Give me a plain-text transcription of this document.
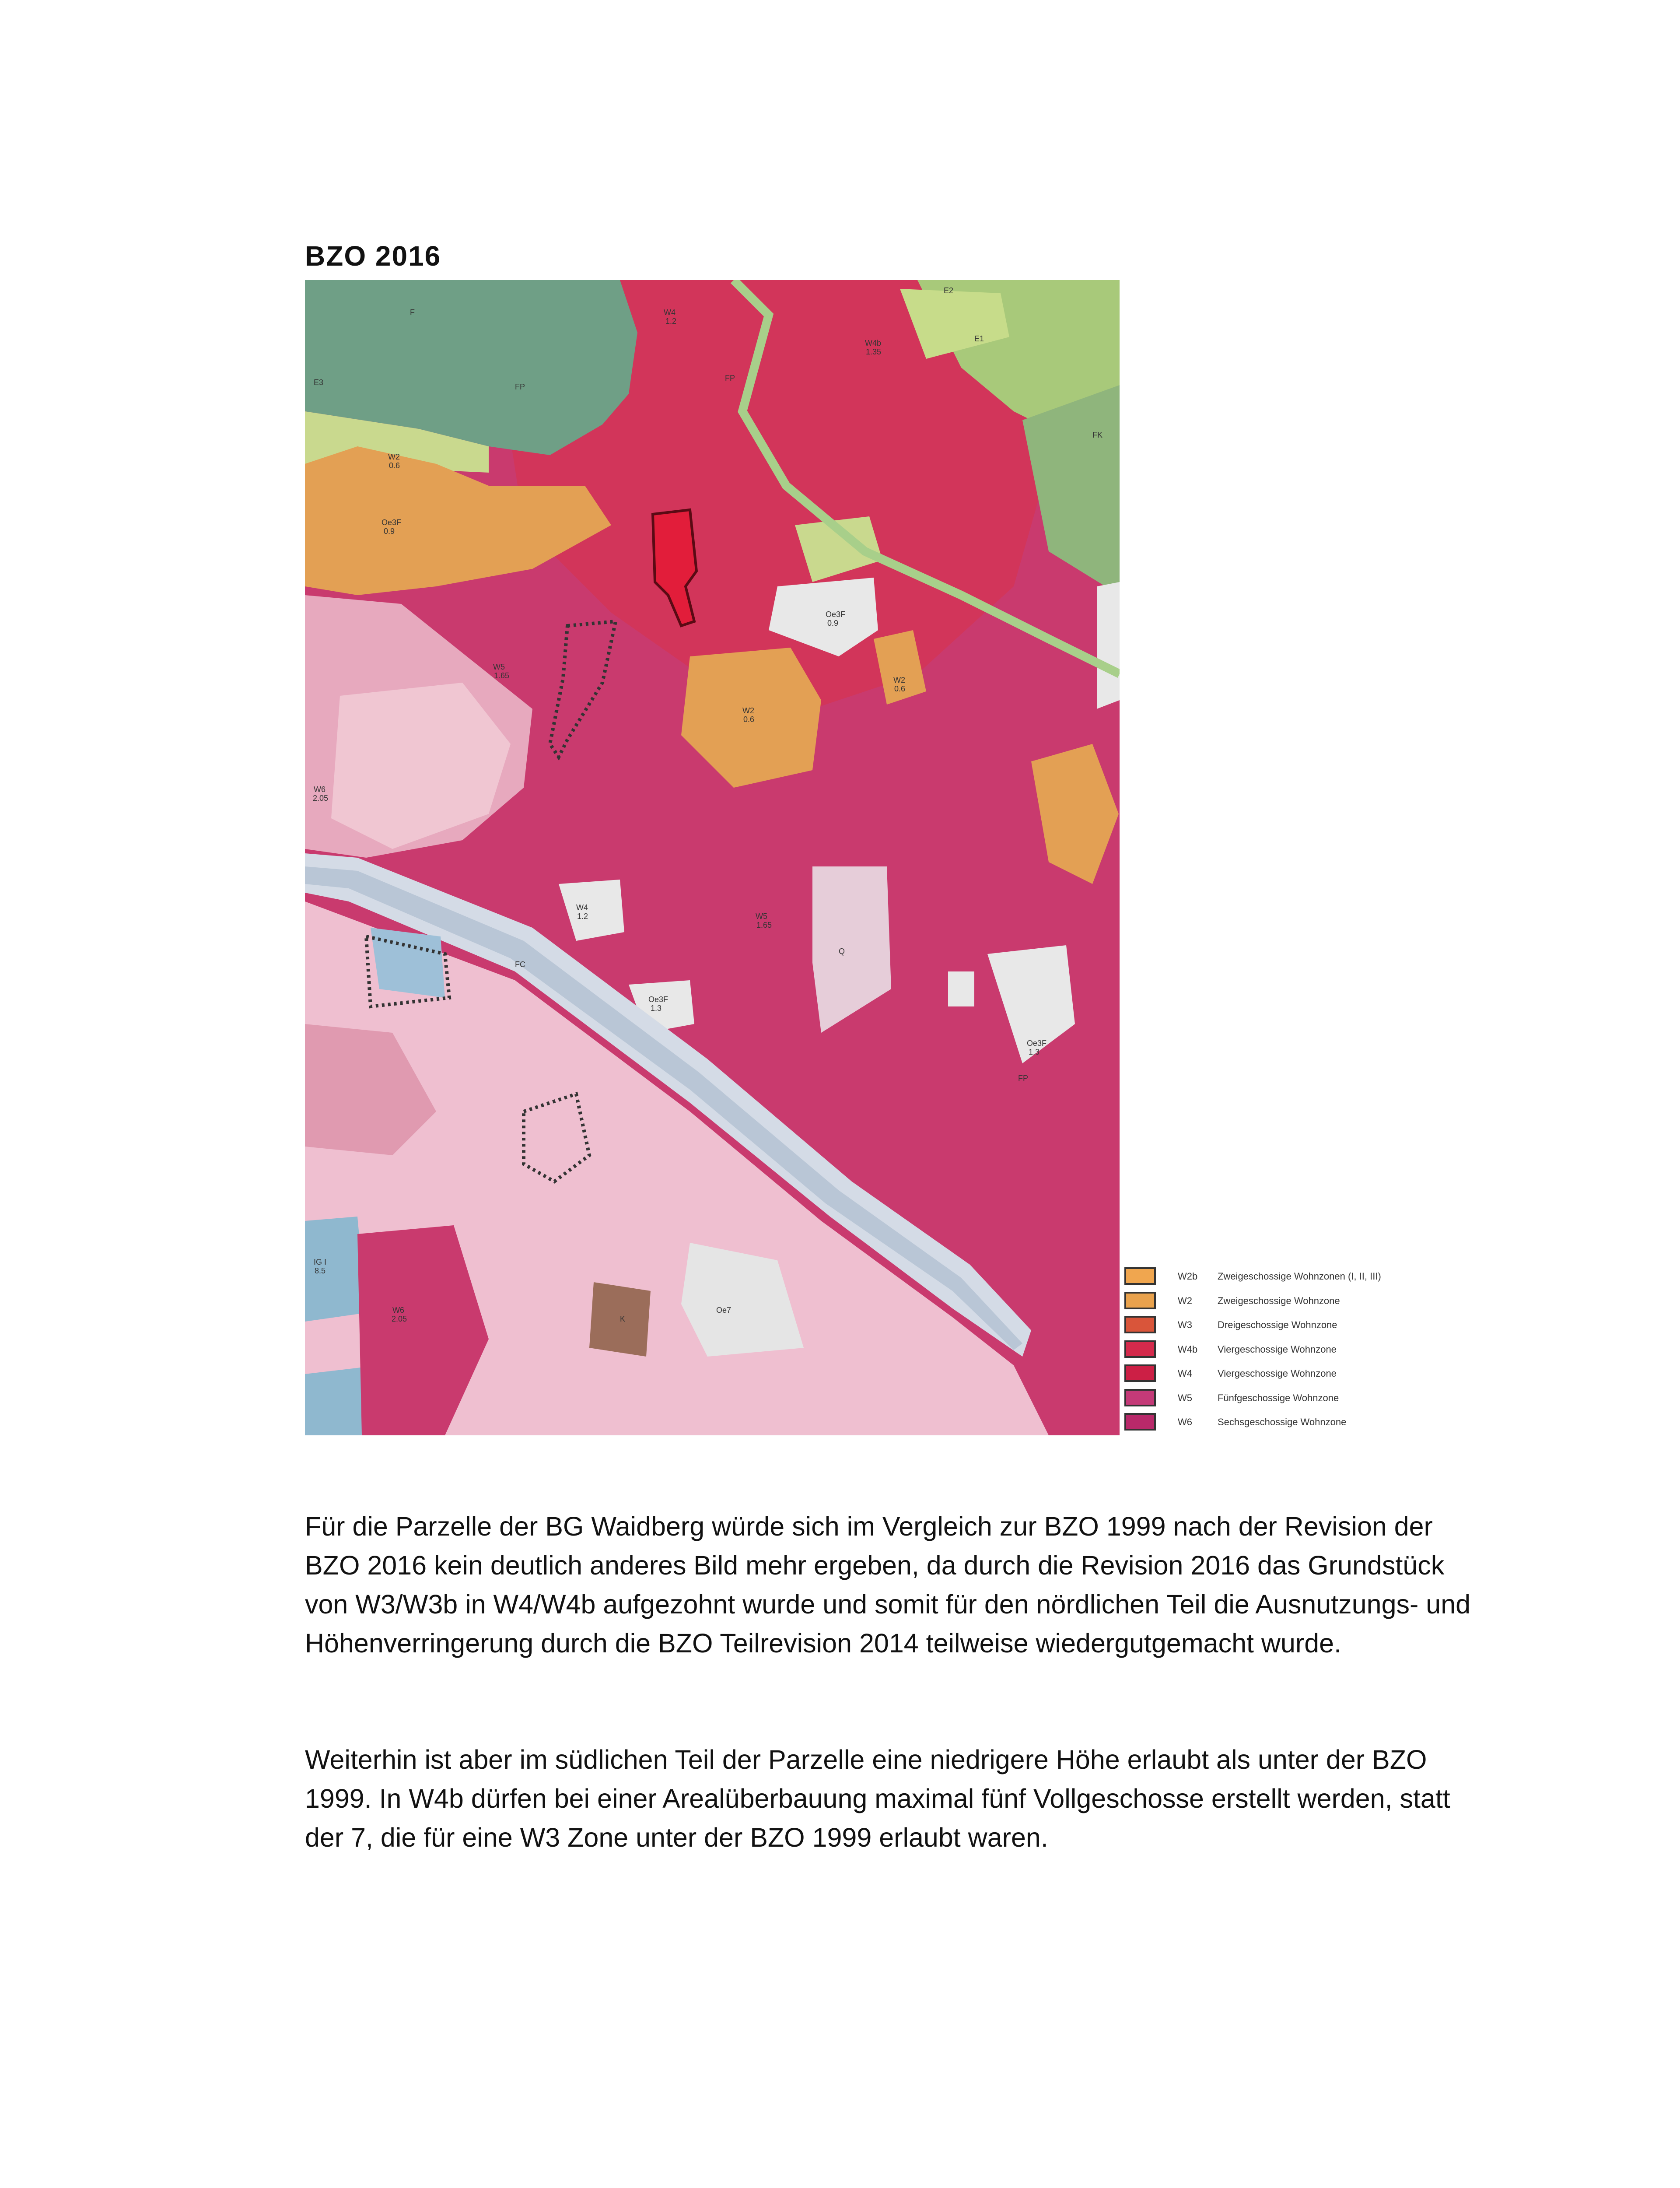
BZO 2016
W4
1.2
W4b
1.35
W2
0.6
Oe3F
0.9
W5
1.65
W6
2.05
W2
0.6
W2
0.6
Oe3F
0.9
W4
1.2	W5
1.65
Oe3F
1.3
Oe3F
1.3
W6
2.05
IG I
8.5
FP
FP
FP
FK
F
E1
E2
E3
Oe7
K
Q
FC
W2b Zweigeschossige Wohnzonen (I, II, III)
W2	Zweigeschossige Wohnzone
W3	Dreigeschossige Wohnzone
W4b Viergeschossige Wohnzone
W4	Viergeschossige Wohnzone
W5	Fünfgeschossige Wohnzone
W6	Sechsgeschossige Wohnzone

Für die Parzelle der BG Waidberg würde sich im Vergleich zur BZO 1999 nach der Revision der BZO 2016 kein deutlich anderes Bild mehr ergeben, da durch die Revision 2016 das Grundstück von W3/W3b in W4/W4b aufgezohnt wurde und somit für den nördlichen Teil die Ausnutzungs- und Höhenverringerung durch die BZO Teilrevision 2014 teilweise wiedergutgemacht wurde.

Weiterhin ist aber im südlichen Teil der Parzelle eine niedrigere Höhe erlaubt als unter der BZO 1999. In W4b dürfen bei einer Arealüberbauung maximal fünf Vollgeschosse erstellt werden, statt der 7, die für eine W3 Zone unter der BZO 1999 erlaubt waren.
